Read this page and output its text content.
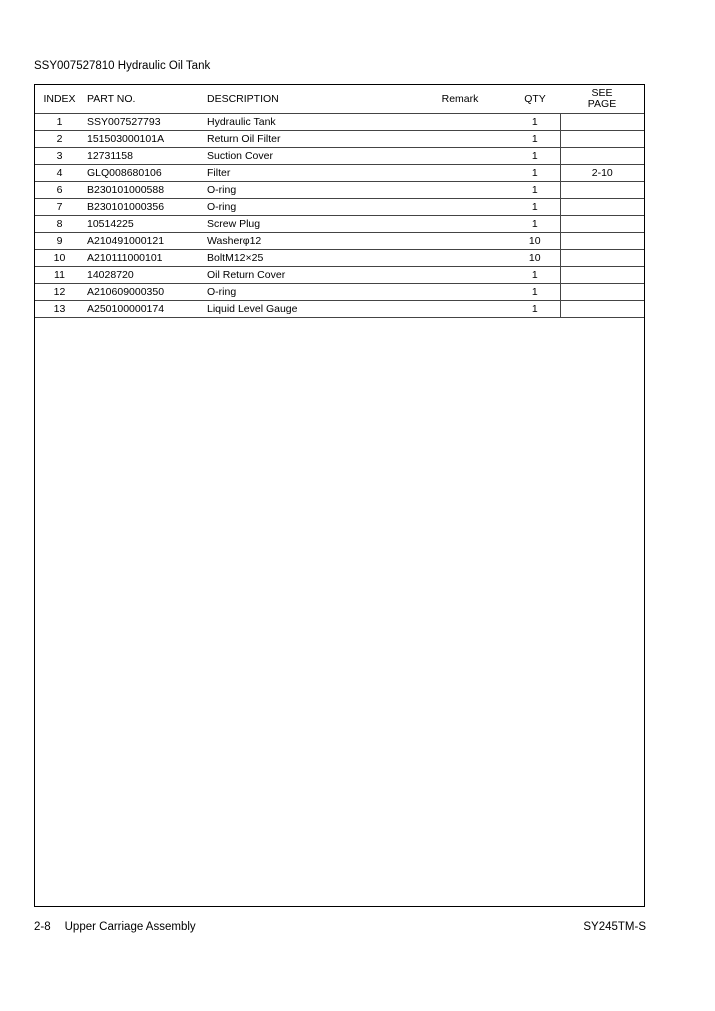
SSY007527810 Hydraulic Oil Tank
INDEX	PART NO.	DESCRIPTION	Remark	QTY	SEE
PAGE
1	SSY007527793	Hydraulic Tank		1	
2	151503000101A	Return Oil Filter		1	
3	12731158	Suction Cover		1	
4	GLQ008680106	Filter		1	2-10
6	B230101000588	O-ring		1	
7	B230101000356	O-ring		1	
8	10514225	Screw Plug		1	
9	A210491000121	Washerφ12		10	
10	A210111000101	BoltM12×25		10	
11	14028720	Oil Return Cover		1	
12	A210609000350	O-ring		1	
13	A250100000174	Liquid Level Gauge		1	
2-8 Upper Carriage Assembly	SY245TM-S
